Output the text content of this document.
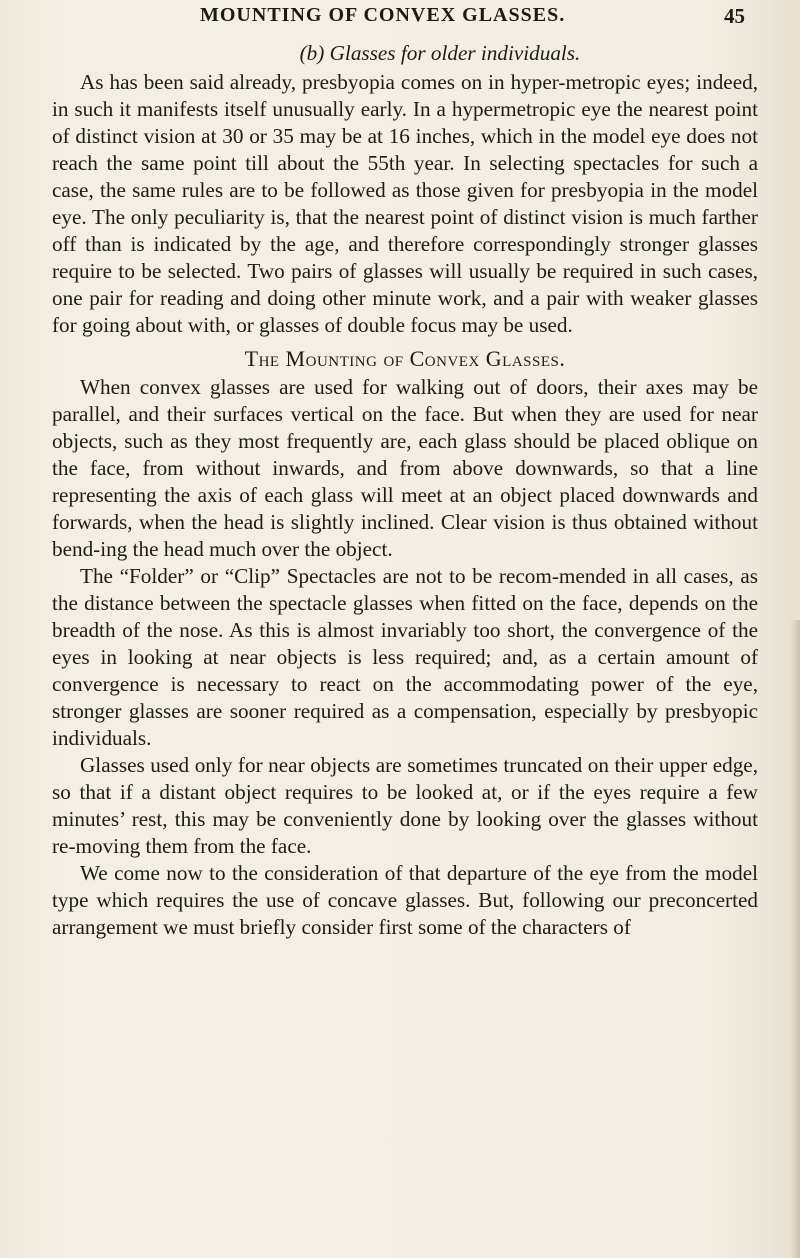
MOUNTING OF CONVEX GLASSES.	45
(b) Glasses for older individuals.

As has been said already, presbyopia comes on in hyper-metropic eyes; indeed, in such it manifests itself unusually early. In a hypermetropic eye the nearest point of distinct vision at 30 or 35 may be at 16 inches, which in the model eye does not reach the same point till about the 55th year. In selecting spectacles for such a case, the same rules are to be followed as those given for presbyopia in the model eye. The only peculiarity is, that the nearest point of distinct vision is much farther off than is indicated by the age, and therefore correspondingly stronger glasses require to be selected. Two pairs of glasses will usually be required in such cases, one pair for reading and doing other minute work, and a pair with weaker glasses for going about with, or glasses of double focus may be used.

The Mounting of Convex Glasses.

When convex glasses are used for walking out of doors, their axes may be parallel, and their surfaces vertical on the face. But when they are used for near objects, such as they most frequently are, each glass should be placed oblique on the face, from without inwards, and from above downwards, so that a line representing the axis of each glass will meet at an object placed downwards and forwards, when the head is slightly inclined. Clear vision is thus obtained without bend-ing the head much over the object.

The “Folder” or “Clip” Spectacles are not to be recom-mended in all cases, as the distance between the spectacle glasses when fitted on the face, depends on the breadth of the nose. As this is almost invariably too short, the convergence of the eyes in looking at near objects is less required; and, as a certain amount of convergence is necessary to react on the accommodating power of the eye, stronger glasses are sooner required as a compensation, especially by presbyopic individuals.

Glasses used only for near objects are sometimes truncated on their upper edge, so that if a distant object requires to be looked at, or if the eyes require a few minutes’ rest, this may be conveniently done by looking over the glasses without re-moving them from the face.

We come now to the consideration of that departure of the eye from the model type which requires the use of concave glasses. But, following our preconcerted arrangement we must briefly consider first some of the characters of
